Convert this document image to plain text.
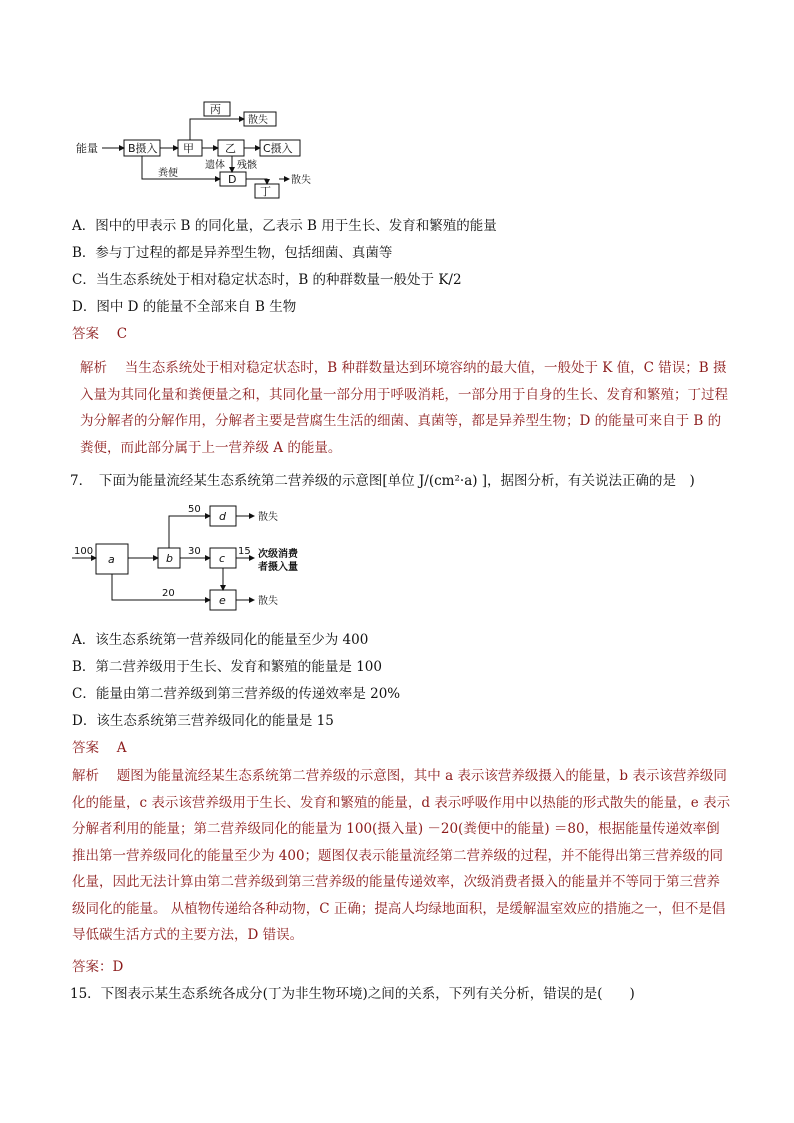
能量	B摄入 甲
丙
乙 C摄入
散失
D
丁
散失
遗体 残骸
粪便
A．图中的甲表示 B 的同化量，乙表示 B 用于生长、发育和繁殖的能量
B．参与丁过程的都是异养型生物，包括细菌、真菌等
C．当生态系统处于相对稳定状态时，B 的种群数量一般处于 K/2
D．图中 D 的能量不全部来自 B 生物
答案　 C
解析　 当生态系统处于相对稳定状态时，B 种群数量达到环境容纳的最大值，一般处于 K 值，C 错误；B 摄入量为其同化量和粪便量之和，其同化量一部分用于呼吸消耗，一部分用于自身的生长、发育和繁殖；丁过程为分解者的分解作用，分解者主要是营腐生生活的细菌、真菌等，都是异养型生物；D 的能量可来自于 B 的粪便，而此部分属于上一营养级 A 的能量。
7．　下面为能量流经某生态系统第二营养级的示意图[单位 J/(cm²·a) ]，据图分析，有关说法正确的是　)
100
a	b
d
c
e
50
30	15
20
散失
散失
次级消费
者摄入量
A．该生态系统第一营养级同化的能量至少为 400
B．第二营养级用于生长、发育和繁殖的能量是 100
C．能量由第二营养级到第三营养级的传递效率是 20%
D．该生态系统第三营养级同化的能量是 15
答案　 A
解析　 题图为能量流经某生态系统第二营养级的示意图，其中 a 表示该营养级摄入的能量，b 表示该营养级同化的能量，c 表示该营养级用于生长、发育和繁殖的能量，d 表示呼吸作用中以热能的形式散失的能量，e 表示分解者利用的能量；第二营养级同化的能量为 100(摄入量) －20(粪便中的能量) ＝80，根据能量传递效率倒推出第一营养级同化的能量至少为 400；题图仅表示能量流经第二营养级的过程，并不能得出第三营养级的同化量，因此无法计算由第二营养级到第三营养级的能量传递效率，次级消费者摄入的能量并不等同于第三营养级同化的能量。 从植物传递给各种动物，C 正确；提高人均绿地面积，是缓解温室效应的措施之一，但不是倡导低碳生活方式的主要方法，D 错误。
答案：D
15．下图表示某生态系统各成分(丁为非生物环境)之间的关系，下列有关分析，错误的是(　　)
